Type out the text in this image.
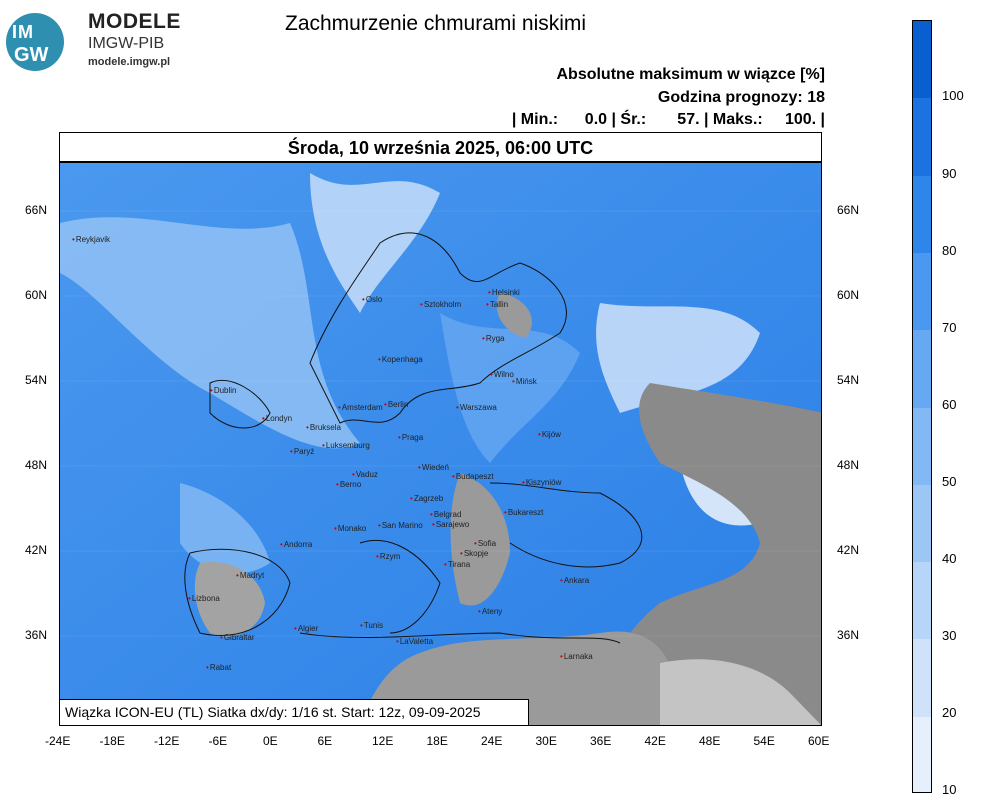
IM
GW
MODELE
IMGW-PIB
modele.imgw.pl
Zachmurzenie chmurami niskimi
Absolutne maksimum w wiązce [%]
Godzina prognozy: 18
| Min.:      0.0 | Śr.:       57. | Maks.:     100. |
Środa, 10 września 2025, 06:00 UTC
•Reykjavik
•Oslo
•Sztokholm
•Helsinki
•Tallin
•Ryga
•Kopenhaga
•Wilno
•Mińsk
•Dublin
•Londyn
•Amsterdam •Berlin	•Warszawa
•Bruksela
•Luksemburg
•Praga	•Kijów
•Paryż
•Wiedeń
•Vaduz
•Berno
•Budapeszt
•Kiszyniów
•Zagrzeb
•Belgrad	•Bukareszt
•Monako •San Marino •Sarajewo
•Andorra	•Sofia
•Skopje
•Rzym
•Tirana
•Madryt
•Ankara
•Lizbona
•Ateny
•Algier	•Tunis
•Gibraltar	•LaValetta
•Rabat
•Larnaka
Wiązka ICON-EU (TL) Siatka dx/dy: 1/16 st. Start: 12z, 09-09-2025
66N
60N
54N
48N
42N
36N
66N
60N
54N
48N
42N
36N
-24E -18E -12E -6E	0E	6E	12E	18E	24E	30E	36E	42E	48E	54E	60E
100
90
80
70
60
50
40
30
20
10
